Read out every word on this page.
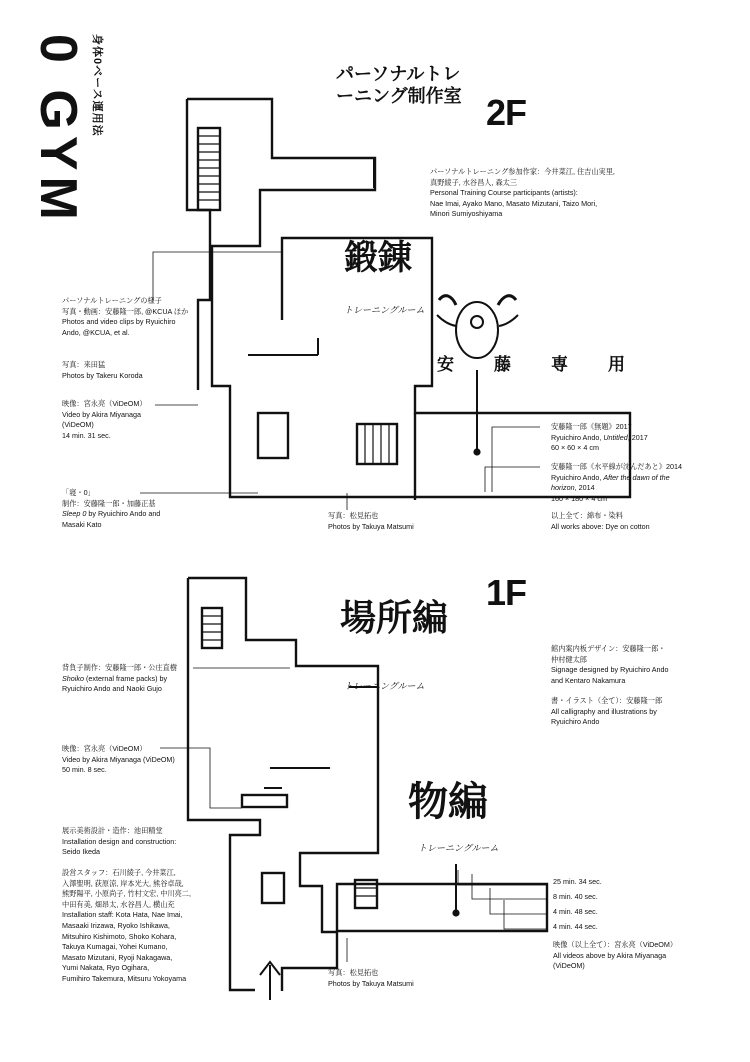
0 GYM 身体0ベース運用法	2F
1F
パーソナルトレーニング制作室
鍛錬
トレーニングルーム
安藤専用
場所編
トレーニングルーム
物編
トレーニングルーム
パーソナルトレーニング参加作家：今井菜江, 住吉山実里,
真野綾子, 水谷昌人, 森太三
Personal Training Course participants (artists):
Nae Imai, Ayako Mano, Masato Mizutani, Taizo Mori,
Minori Sumiyoshiyama
パーソナルトレーニングの様子
写真・動画：安藤隆一郎, @KCUA ほか
Photos and video clips by Ryuichiro
Ando, @KCUA, et al.
写真：来田猛
Photos by Takeru Koroda
映像：宮永亮（ViDeOM）
Video by Akira Miyanaga
(ViDeOM)
14 min. 31 sec.
「寝・0」
制作：安藤隆一郎・加藤正基
Sleep 0 by Ryuichiro Ando and
Masaki Kato
写真：松見拓也
Photos by Takuya Matsumi
安藤隆一郎《無題》2017
Ryuichiro Ando, Untitled, 2017
60 × 60 × 4 cm
安藤隆一郎《水平線が沈んだあと》2014
Ryuichiro Ando, After the dawn of the
horizon, 2014
160 × 180 × 4 cm
以上全て：綿布・染料
All works above: Dye on cotton
背負子制作：安藤隆一郎・公庄直樹
Shoiko (external frame packs) by
Ryuichiro Ando and Naoki Gujo
映像：宮永亮（ViDeOM）
Video by Akira Miyanaga (ViDeOM)
50 min. 8 sec.
展示美術設計・造作：池田精堂
Installation design and construction:
Seido Ikeda
設営スタッフ：石川綾子, 今井菜江,
入澤聖明, 荻原涼, 岸本光大, 熊谷卓哉,
熊野陽平, 小原尚子, 竹村文宏, 中川亮二,
中田有美, 畑昂太, 水谷昌人, 横山充
Installation staff: Kota Hata, Nae Imai,
Masaaki Irizawa, Ryoko Ishikawa,
Mitsuhiro Kishimoto, Shoko Kohara,
Takuya Kumagai, Yohei Kumano,
Masato Mizutani, Ryoji Nakagawa,
Yumi Nakata, Ryo Ogihara,
Fumihiro Takemura, Mitsuru Yokoyama
写真：松見拓也
Photos by Takuya Matsumi
館内案内板デザイン：安藤隆一郎・
仲村健太郎
Signage designed by Ryuichiro Ando
and Kentaro Nakamura
書・イラスト（全て）：安藤隆一郎
All calligraphy and illustrations by
Ryuichiro Ando
25 min. 34 sec.
8 min. 40 sec.
4 min. 48 sec.
4 min. 44 sec.
映像（以上全て）：宮永亮（ViDeOM）
All videos above by Akira Miyanaga
(ViDeOM)
